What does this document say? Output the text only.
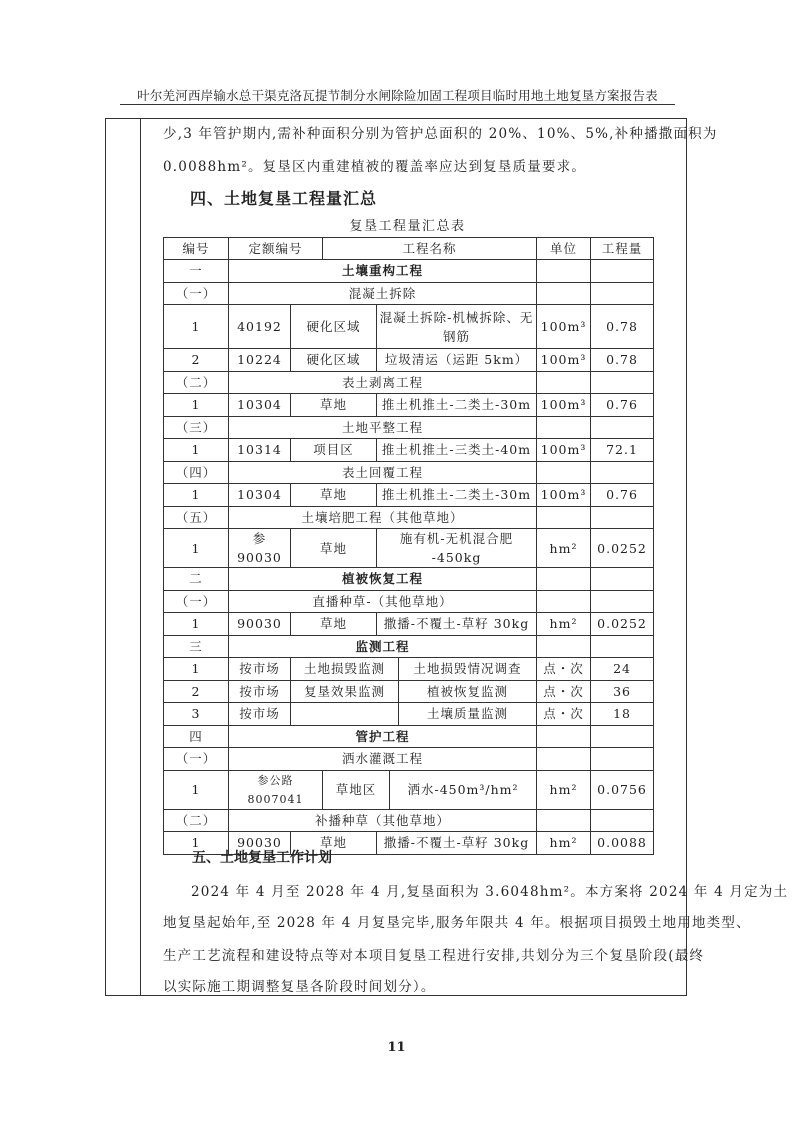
叶尔羌河西岸输水总干渠克洛瓦提节制分水闸除险加固工程项目临时用地土地复垦方案报告表
少,3 年管护期内,需补种面积分别为管护总面积的 20%、10%、5%,补种播撒面积为
0.0088hm²。复垦区内重建植被的覆盖率应达到复垦质量要求。
四、土地复垦工程量汇总
复垦工程量汇总表
编号	定额编号		工程名称				单位	工程量
一	土壤重构工程							
（一）	混凝土拆除							
1	40192	硬化区域		混凝土拆除-机械拆除、无钢筋			100m³	0.78
2	10224	硬化区域		垃圾清运（运距 5km）			100m³	0.78
（二）	表土剥离工程							
1	10304	草地		推土机推土-二类土-30m			100m³	0.76
（三）	土地平整工程							
1	10314	项目区		推土机推土-三类土-40m			100m³	72.1
（四）	表土回覆工程							
1	10304	草地		推土机推土-二类土-30m			100m³	0.76
（五）	土壤培肥工程（其他草地）							
1	参 90030	草地		施有机-无机混合肥 -450kg			hm²	0.0252
二	植被恢复工程							
（一）	直播种草-（其他草地）							
1	90030	草地		撒播-不覆土-草籽 30kg			hm²	0.0252
三	监测工程							
1	按市场	土地损毁监测				土地损毁情况调查	点・次	24
2	按市场	复垦效果监测				植被恢复监测	点・次	36
3	按市场					土壤质量监测	点・次	18
四	管护工程							
（一）	洒水灌溉工程							
1	参公路 8007041		草地区		洒水-450m³/hm²		hm²	0.0756
（二）	补播种草（其他草地）							
1	90030	草地		撒播-不覆土-草籽 30kg			hm²	0.0088
五、土地复垦工作计划
2024 年 4 月至 2028 年 4 月,复垦面积为 3.6048hm²。本方案将 2024 年 4 月定为土
地复垦起始年,至 2028 年 4 月复垦完毕,服务年限共 4 年。根据项目损毁土地用地类型、
生产工艺流程和建设特点等对本项目复垦工程进行安排,共划分为三个复垦阶段(最终
以实际施工期调整复垦各阶段时间划分）。
11
